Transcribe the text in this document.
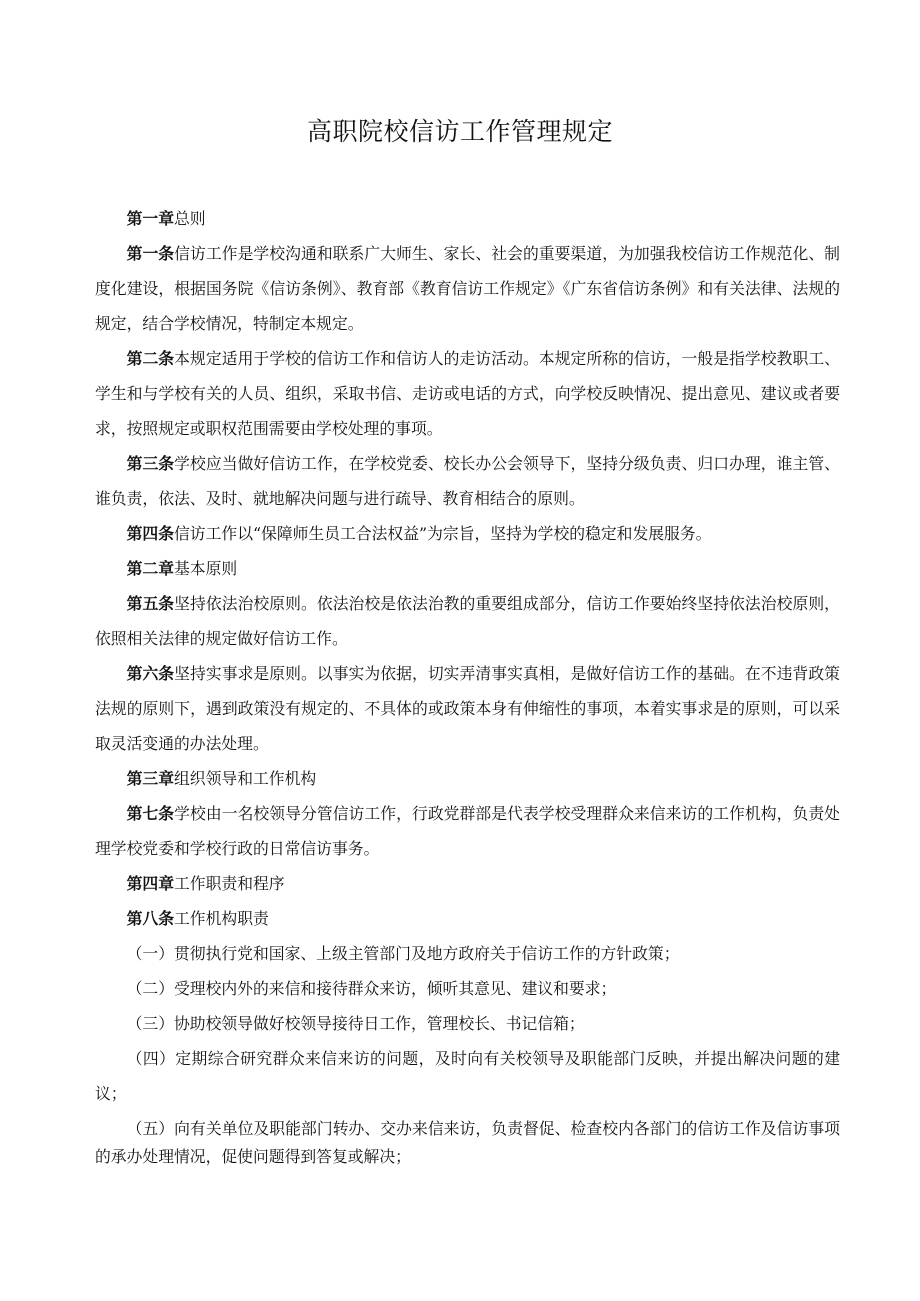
高职院校信访工作管理规定

第一章总则

第一条信访工作是学校沟通和联系广大师生、家长、社会的重要渠道，为加强我校信访工作规范化、制度化建设，根据国务院《信访条例》、教育部《教育信访工作规定》《广东省信访条例》和有关法律、法规的规定，结合学校情况，特制定本规定。

第二条本规定适用于学校的信访工作和信访人的走访活动。本规定所称的信访，一般是指学校教职工、学生和与学校有关的人员、组织，采取书信、走访或电话的方式，向学校反映情况、提出意见、建议或者要求，按照规定或职权范围需要由学校处理的事项。

第三条学校应当做好信访工作，在学校党委、校长办公会领导下，坚持分级负责、归口办理，谁主管、谁负责，依法、及时、就地解决问题与进行疏导、教育相结合的原则。

第四条信访工作以“保障师生员工合法权益”为宗旨，坚持为学校的稳定和发展服务。

第二章基本原则

第五条坚持依法治校原则。依法治校是依法治教的重要组成部分，信访工作要始终坚持依法治校原则，依照相关法律的规定做好信访工作。

第六条坚持实事求是原则。以事实为依据，切实弄清事实真相，是做好信访工作的基础。在不违背政策法规的原则下，遇到政策没有规定的、不具体的或政策本身有伸缩性的事项，本着实事求是的原则，可以采取灵活变通的办法处理。

第三章组织领导和工作机构

第七条学校由一名校领导分管信访工作，行政党群部是代表学校受理群众来信来访的工作机构，负责处理学校党委和学校行政的日常信访事务。

第四章工作职责和程序

第八条工作机构职责

（一）贯彻执行党和国家、上级主管部门及地方政府关于信访工作的方针政策；

（二）受理校内外的来信和接待群众来访，倾听其意见、建议和要求；

（三）协助校领导做好校领导接待日工作，管理校长、书记信箱；

（四）定期综合研究群众来信来访的问题，及时向有关校领导及职能部门反映，并提出解决问题的建议；

（五）向有关单位及职能部门转办、交办来信来访，负责督促、检查校内各部门的信访工作及信访事项的承办处理情况，促使问题得到答复或解决；
